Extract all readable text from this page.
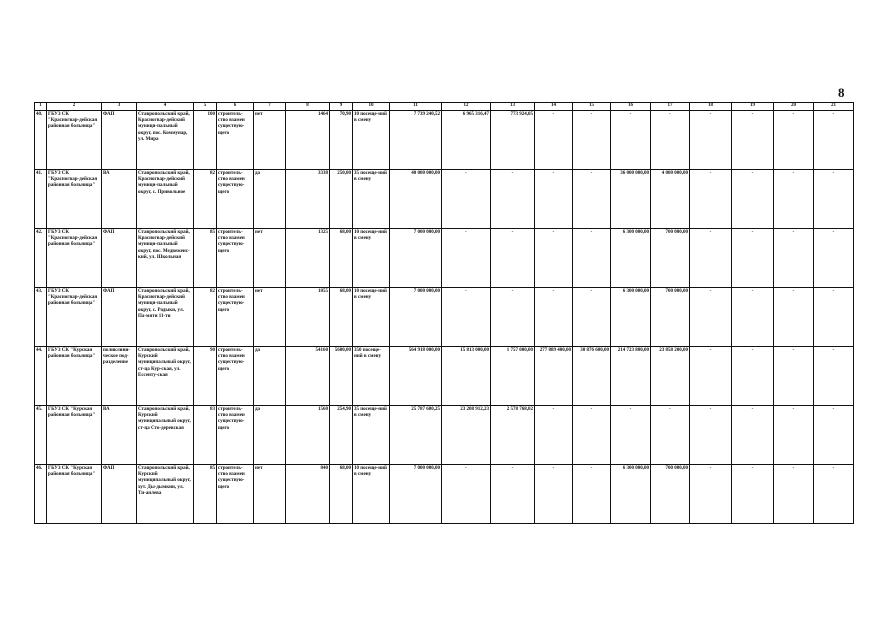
8
1	2	3	4	5	6	7	8	9	10	11	12	13	14	15	16	17	18	19	20	21
40.	ГБУЗ СК "Красногвар-дейская районная больница"	ФАП	Ставропольский край, Красногвар-дейский муници-пальный округ, пос. Коммунар, ул. Мира	100	строитель-ство взамен существую-щего	нет	1464	70,90	10 посеще-ний в смену	7 739 240,52	6 965 316,47	773 924,05	-	-	-	-	-	-	-	-
41.	ГБУЗ СК "Красногвар-дейская районная больница"	ВА	Ставропольский край, Красногвар-дейский муници-пальный округ, с. Привольное	82	строитель-ство взамен существую-щего	да	3338	250,00	35 посеще-ний в смену	40 000 000,00	-	-	-	-	36 000 000,00	4 000 000,00	-	-	-	-
42.	ГБУЗ СК "Красногвар-дейская районная больница"	ФАП	Ставропольский край, Красногвар-дейский муници-пальный округ, пос. Медвеженс-кий, ул. Школьная	85	строитель-ство взамен существую-щего	нет	1325	68,00	10 посеще-ний в смену	7 000 000,00	-	-	-	-	6 300 000,00	700 000,00	-	-	-	-
43.	ГБУЗ СК "Красногвар-дейская районная больница"	ФАП	Ставропольский край, Красногвар-дейский муници-пальный округ, с. Родыки, ул. Па-мяти 11-ти	82	строитель-ство взамен существую-щего	нет	1855	68,00	10 посеще-ний в смену	7 000 000,00	-	-	-	-	6 300 000,00	700 000,00	-	-	-	-
44.	ГБУЗ СК "Курская районная больница"	поликлини-ческое под-разделение	Ставропольский край, Курский муниципальный округ, ст-ца Кур-ская, ул. Ессенту-ская	90	строитель-ство взамен существую-щего	да	54160	5600,00	350 посеще-ний в смену	564 918 000,00	15 813 000,00	1 757 000,00	277 889 400,00	30 876 600,00	214 723 800,00	23 858 200,00	-	-	-	-
45.	ГБУЗ СК "Курская районная больница"	ВА	Ставропольский край, Курский муниципальный округ, ст-ца Сто-деревская	83	строитель-ство взамен существую-щего	да	1560	254,90	35 посеще-ний в смену	25 787 680,25	23 208 912,23	2 578 768,02	-	-	-	-	-	-	-	-
46.	ГБУЗ СК "Курская районная больница"	ФАП	Ставропольский край, Курский муниципальный округ, хут. Ды-дымкин, ул. Ти-анлева	85	строитель-ство взамен существую-щего	нет	840	68,00	10 посеще-ний в смену	7 000 000,00	-	-	-	-	6 300 000,00	700 000,00	-	-	-	-
